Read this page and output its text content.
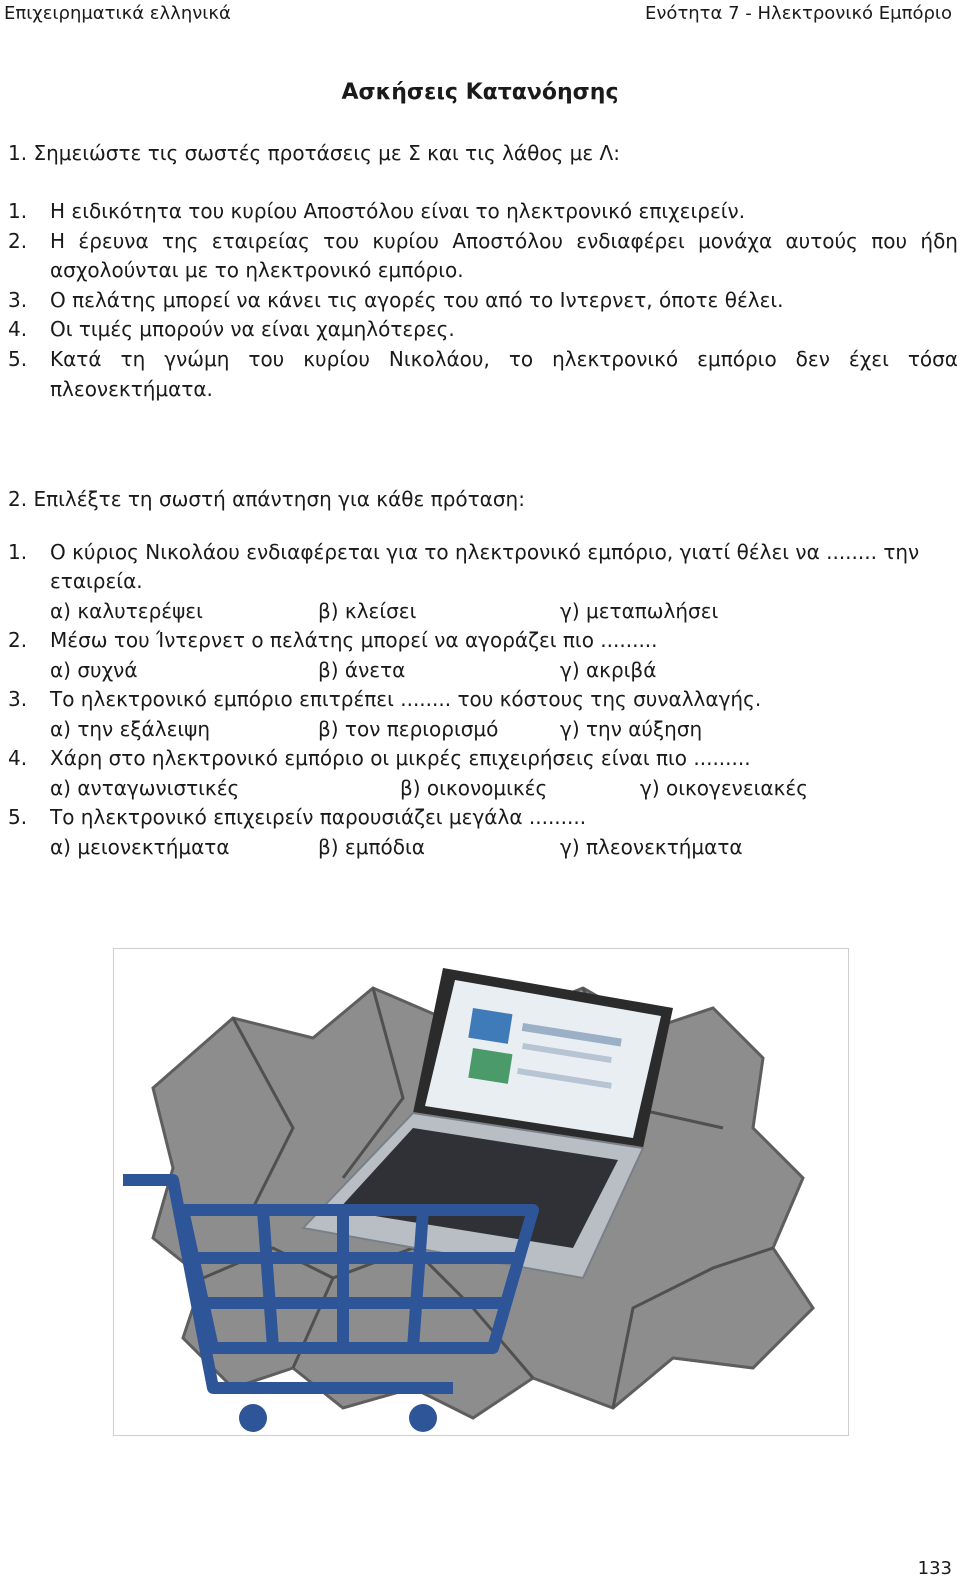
Επιχειρηματικά ελληνικά	Ενότητα 7 - Ηλεκτρονικό Εμπόριο
Ασκήσεις Κατανόησης
1. Σημειώστε τις σωστές προτάσεις με Σ και τις λάθος με Λ:
1. Η ειδικότητα του κυρίου Αποστόλου είναι το ηλεκτρονικό επιχειρείν.
2. Η έρευνα της εταιρείας του κυρίου Αποστόλου ενδιαφέρει μονάχα αυτούς που ήδη ασχολούνται με το ηλεκτρονικό εμπόριο.
3. Ο πελάτης μπορεί να κάνει τις αγορές του από το Ιντερνετ, όποτε θέλει.
4. Οι τιμές μπορούν να είναι χαμηλότερες.
5. Κατά τη γνώμη του κυρίου Νικολάου, το ηλεκτρονικό εμπόριο δεν έχει τόσα πλεονεκτήματα.
2. Επιλέξτε τη σωστή απάντηση για κάθε πρόταση:
1. Ο κύριος Νικολάου ενδιαφέρεται για το ηλεκτρονικό εμπόριο, γιατί θέλει να ........ την εταιρεία.
α) καλυτερέψει	β) κλείσει	γ) μεταπωλήσει
2. Μέσω του Ίντερνετ ο πελάτης μπορεί να αγοράζει πιο .........
α) συχνά	β) άνετα	γ) ακριβά
3. Το ηλεκτρονικό εμπόριο επιτρέπει ........ του κόστους της συναλλαγής.
α) την εξάλειψη	β) τον περιορισμό	γ) την αύξηση
4. Χάρη στο ηλεκτρονικό εμπόριο οι μικρές επιχειρήσεις είναι πιο .........
α) ανταγωνιστικές	β) οικονομικές	γ) οικογενειακές
5. Το ηλεκτρονικό επιχειρείν παρουσιάζει μεγάλα .........
α) μειονεκτήματα	β) εμπόδια	γ) πλεονεκτήματα
133
